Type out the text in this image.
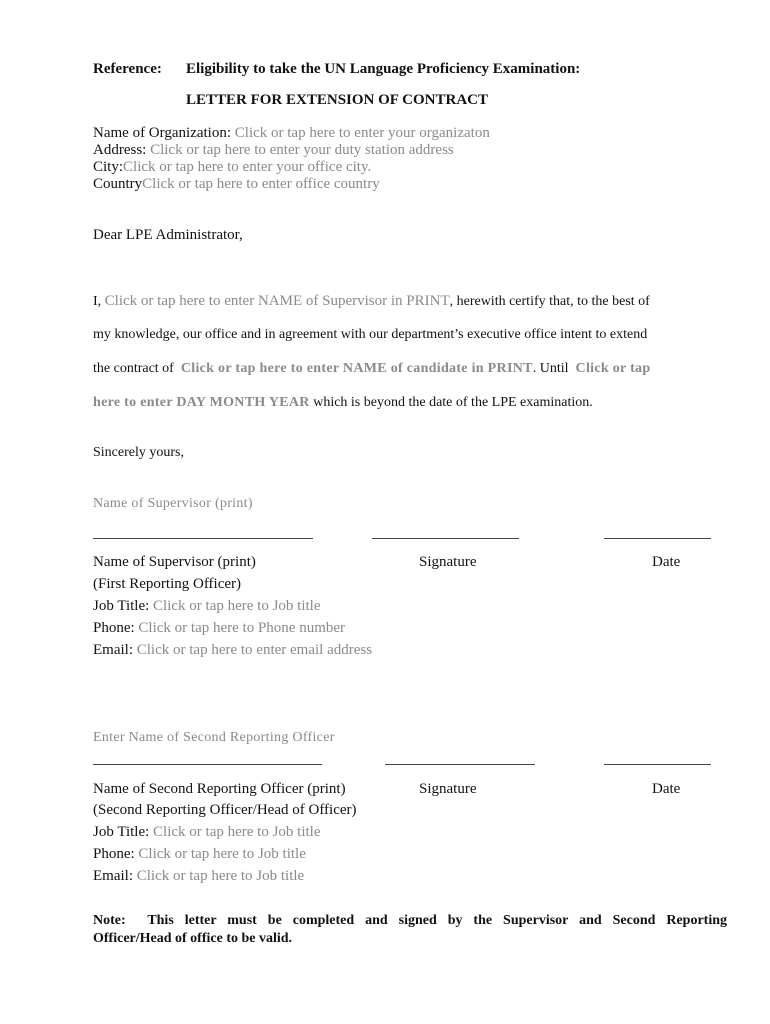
Reference: Eligibility to take the UN Language Proficiency Examination:
LETTER FOR EXTENSION OF CONTRACT
Name of Organization: Click or tap here to enter your organizaton
Address: Click or tap here to enter your duty station address
City:Click or tap here to enter your office city.
CountryClick or tap here to enter office country
Dear LPE Administrator,
I, Click or tap here to enter NAME of Supervisor in PRINT, herewith certify that, to the best of
my knowledge, our office and in agreement with our department’s executive office intent to extend
the contract of Click or tap here to enter NAME of candidate in PRINT. Until Click or tap
here to enter DAY MONTH YEAR which is beyond the date of the LPE examination.
Sincerely yours,
Name of Supervisor (print)
Name of Supervisor (print)	Signature	Date
(First Reporting Officer)
Job Title: Click or tap here to Job title
Phone: Click or tap here to Phone number
Email: Click or tap here to enter email address
Enter Name of Second Reporting Officer
Name of Second Reporting Officer (print)	Signature	Date
(Second Reporting Officer/Head of Officer)
Job Title: Click or tap here to Job title
Phone: Click or tap here to Job title
Email: Click or tap here to Job title
Note: This letter must be completed and signed by the Supervisor and Second Reporting
Officer/Head of office to be valid.
